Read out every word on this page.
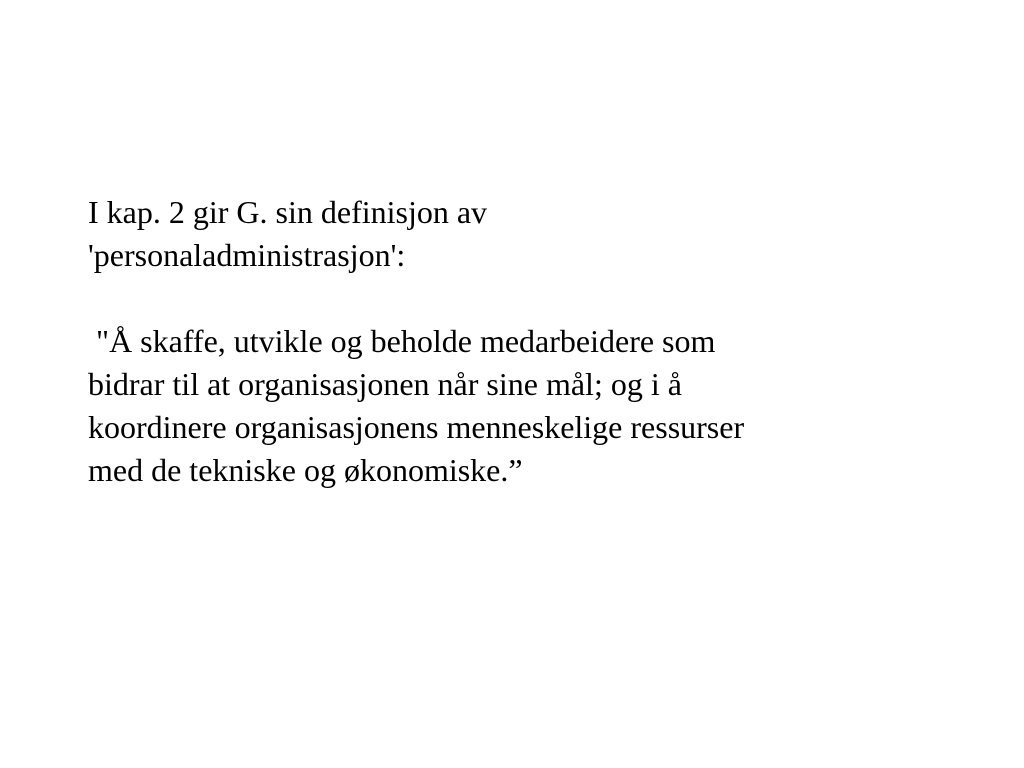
I kap. 2 gir G. sin definisjon av
'personaladministrasjon':
"Å skaffe, utvikle og beholde medarbeidere som
bidrar til at organisasjonen når sine mål; og i å
koordinere organisasjonens menneskelige ressurser
med de tekniske og økonomiske.”
